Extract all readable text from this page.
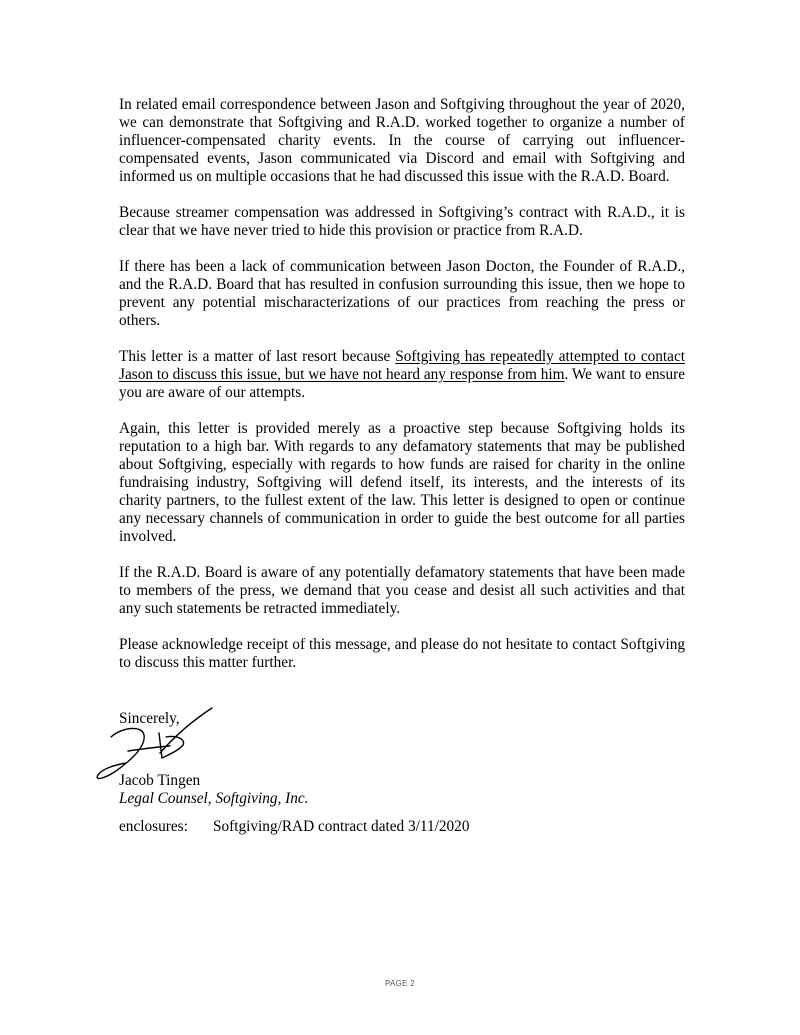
In related email correspondence between Jason and Softgiving throughout the year of 2020, we can demonstrate that Softgiving and R.A.D. worked together to organize a number of influencer-compensated charity events. In the course of carrying out influencer-compensated events, Jason communicated via Discord and email with Softgiving and informed us on multiple occasions that he had discussed this issue with the R.A.D. Board.

Because streamer compensation was addressed in Softgiving’s contract with R.A.D., it is clear that we have never tried to hide this provision or practice from R.A.D.

If there has been a lack of communication between Jason Docton, the Founder of R.A.D., and the R.A.D. Board that has resulted in confusion surrounding this issue, then we hope to prevent any potential mischaracterizations of our practices from reaching the press or others.

This letter is a matter of last resort because Softgiving has repeatedly attempted to contact Jason to discuss this issue, but we have not heard any response from him. We want to ensure you are aware of our attempts.

Again, this letter is provided merely as a proactive step because Softgiving holds its reputation to a high bar. With regards to any defamatory statements that may be published about Softgiving, especially with regards to how funds are raised for charity in the online fundraising industry, Softgiving will defend itself, its interests, and the interests of its charity partners, to the fullest extent of the law. This letter is designed to open or continue any necessary channels of communication in order to guide the best outcome for all parties involved.

If the R.A.D. Board is aware of any potentially defamatory statements that have been made to members of the press, we demand that you cease and desist all such activities and that any such statements be retracted immediately.

Please acknowledge receipt of this message, and please do not hesitate to contact Softgiving to discuss this matter further.

Sincerely,
Jacob Tingen
Legal Counsel, Softgiving, Inc.
enclosures: Softgiving/RAD contract dated 3/11/2020
PAGE 2
